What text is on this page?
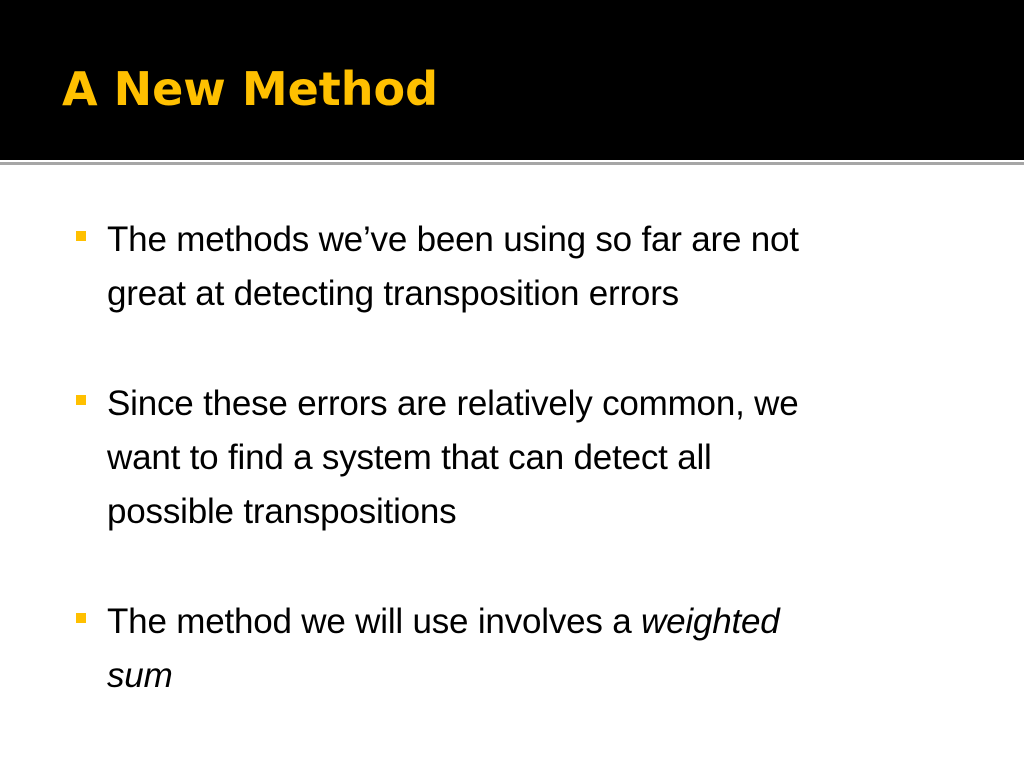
A New Method

The methods we’ve been using so far are not
great at detecting transposition errors

Since these errors are relatively common, we
want to find a system that can detect all
possible transpositions

The method we will use involves a weighted
sum
